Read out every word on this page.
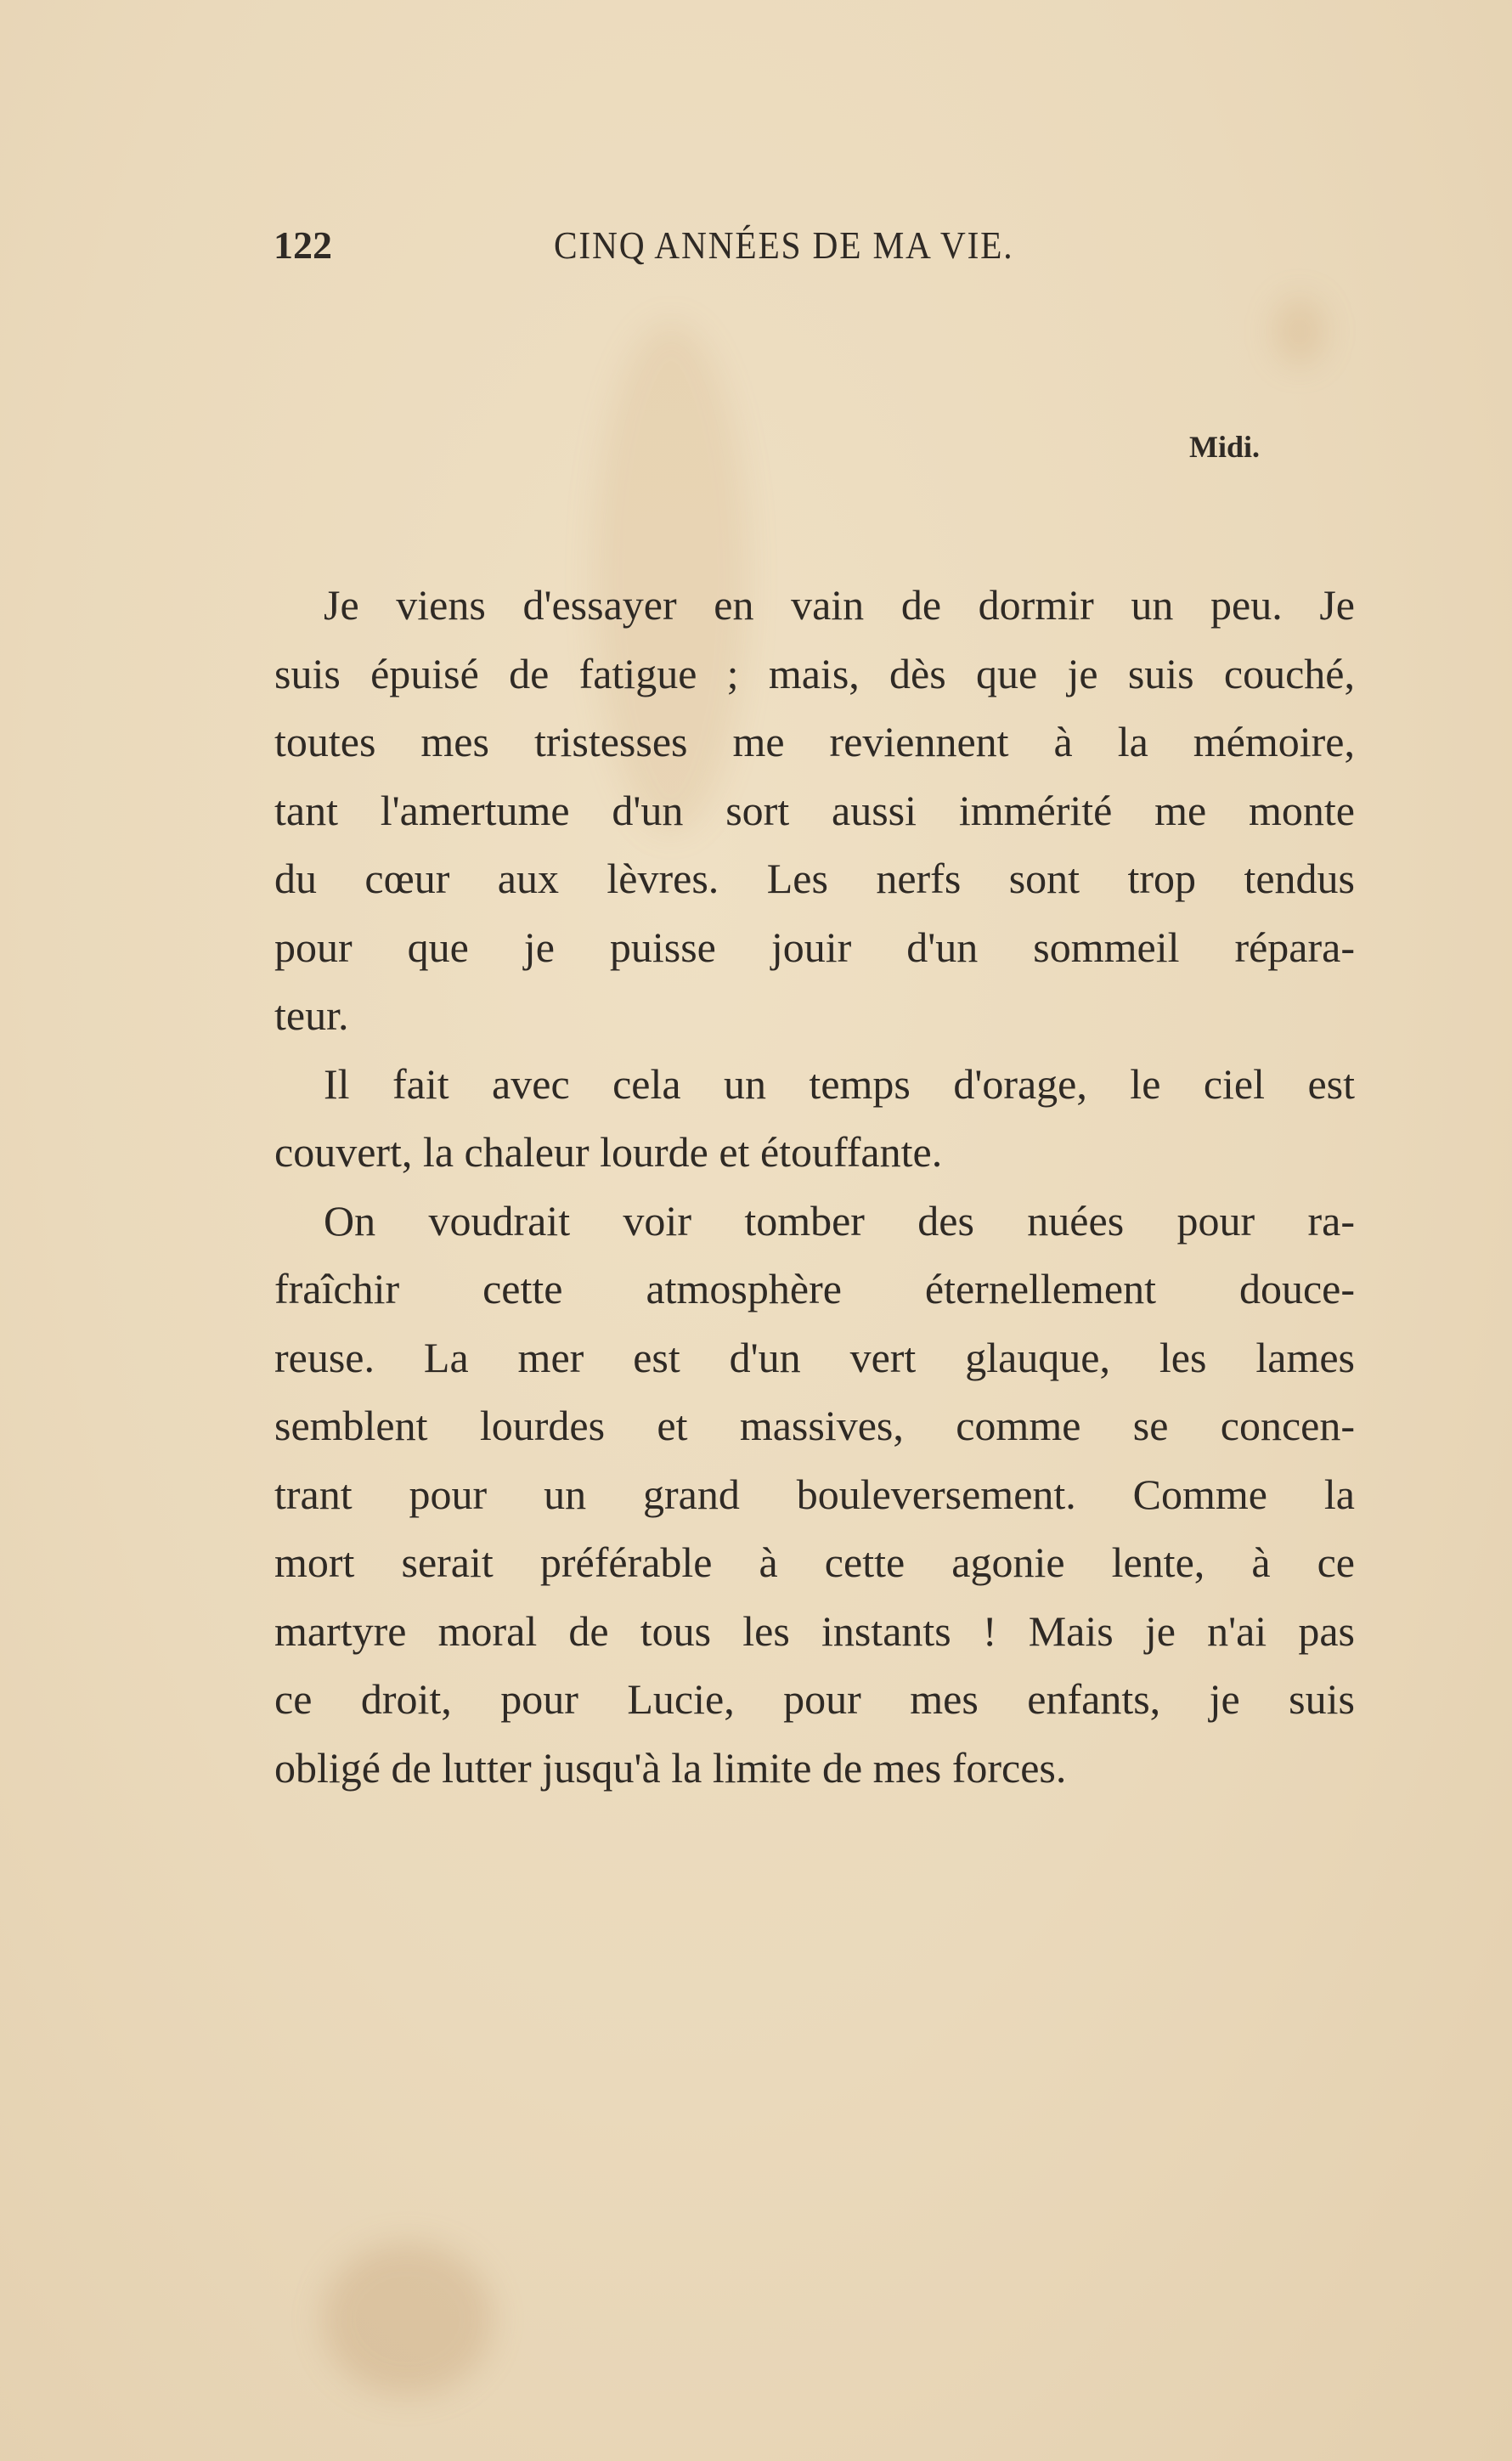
122	CINQ ANNÉES DE MA VIE.
Midi.
Je viens d'essayer en vain de dormir un peu. Je
suis épuisé de fatigue ; mais, dès que je suis couché,
toutes mes tristesses me reviennent à la mémoire,
tant l'amertume d'un sort aussi immérité me monte
du cœur aux lèvres. Les nerfs sont trop tendus
pour que je puisse jouir d'un sommeil répara-
teur.
Il fait avec cela un temps d'orage, le ciel est
couvert, la chaleur lourde et étouffante.
On voudrait voir tomber des nuées pour ra-
fraîchir cette atmosphère éternellement douce-
reuse. La mer est d'un vert glauque, les lames
semblent lourdes et massives, comme se concen-
trant pour un grand bouleversement. Comme la
mort serait préférable à cette agonie lente, à ce
martyre moral de tous les instants ! Mais je n'ai pas
ce droit, pour Lucie, pour mes enfants, je suis
obligé de lutter jusqu'à la limite de mes forces.
